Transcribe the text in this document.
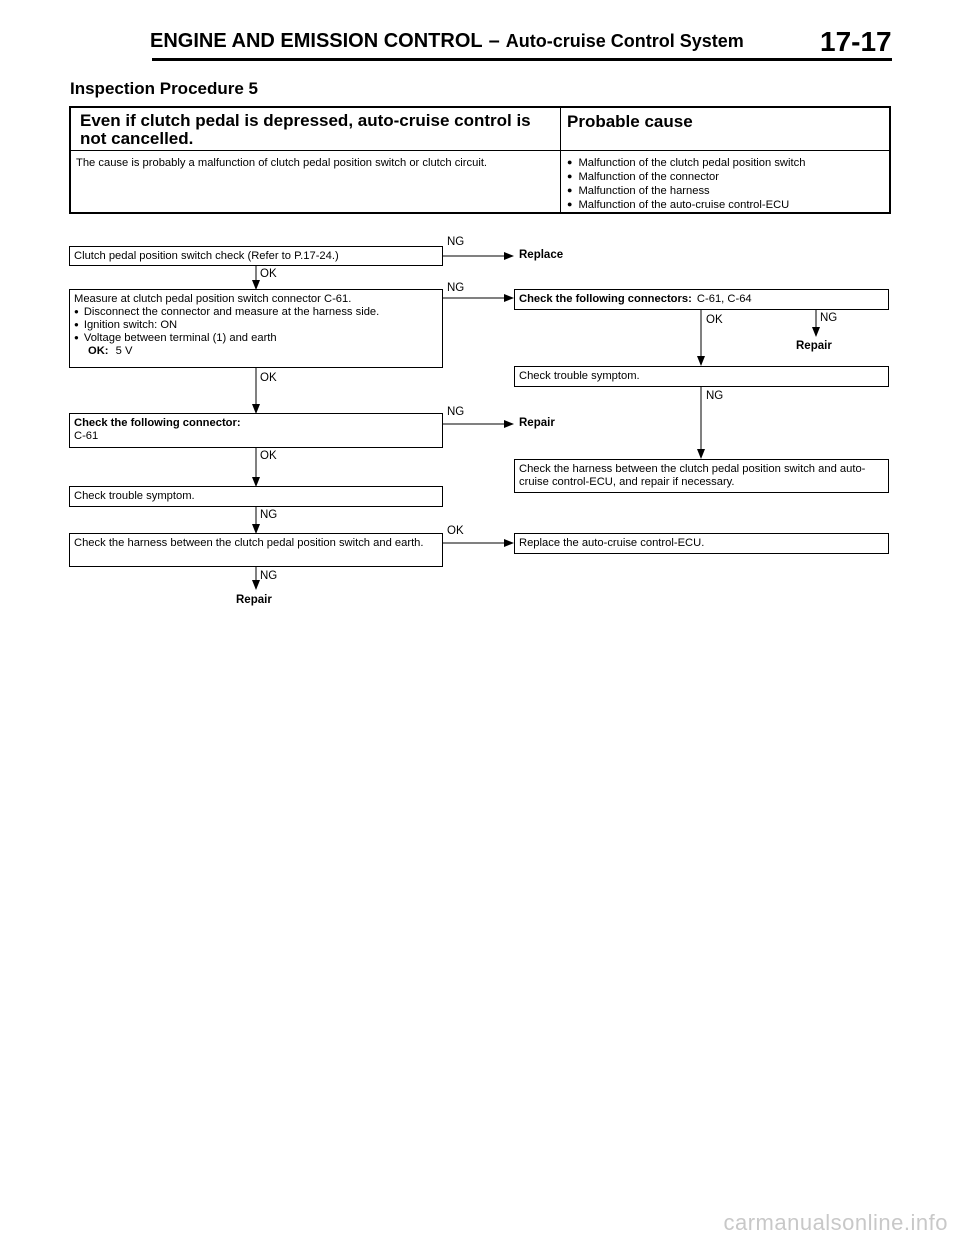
ENGINE AND EMISSION CONTROL – Auto-cruise Control System	17-17
Inspection Procedure 5
Even if clutch pedal is depressed, auto-cruise control is not cancelled.
Probable cause
The cause is probably a malfunction of clutch pedal position switch or clutch circuit.
●	Malfunction of the clutch pedal position switch
● Malfunction of the connector
● Malfunction of the harness
● Malfunction of the auto-cruise control-ECU
Clutch pedal position switch check (Refer to P.17-24.)
NG
Replace
OK
Measure at clutch pedal position switch connector C-61.
● Disconnect the connector and measure at the harness side.
● Ignition switch: ON
● Voltage between terminal (1) and earth
OK: 5 V
NG
OK
Check the following connector:
C-61
NG
Repair
OK
Check trouble symptom.
NG
Check the harness between the clutch pedal position switch and earth.
OK
NG
Repair
Check the following connectors: C-61, C-64
OK	NG
Repair
Check trouble symptom.
NG
Check the harness between the clutch pedal position switch and auto-cruise control-ECU, and repair if necessary.
Replace the auto-cruise control-ECU.
carmanualsonline.info
